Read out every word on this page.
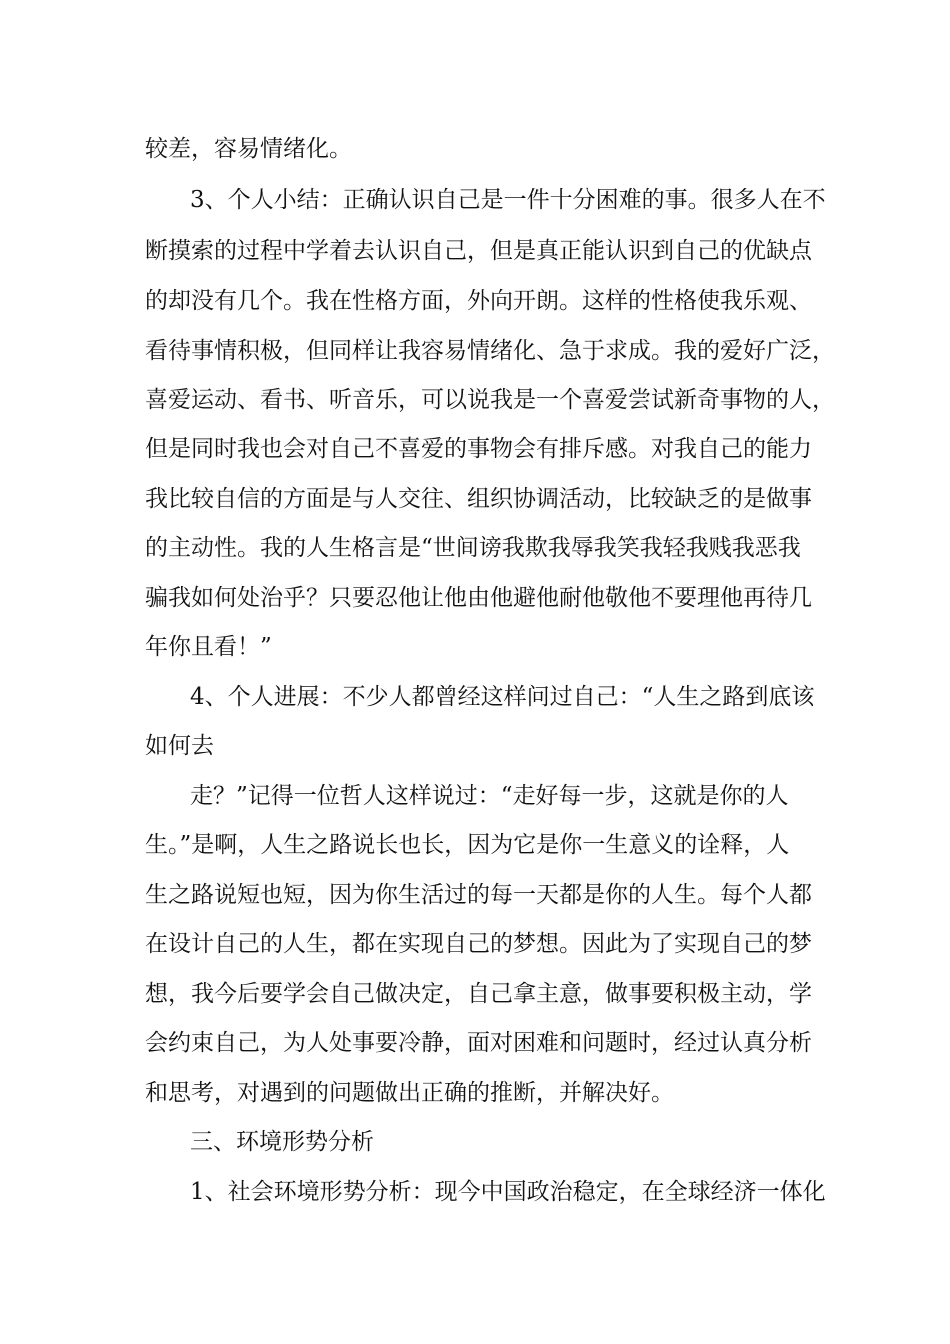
较差，容易情绪化。
3、个人小结：正确认识自己是一件十分困难的事。很多人在不
断摸索的过程中学着去认识自己，但是真正能认识到自己的优缺点
的却没有几个。我在性格方面，外向开朗。这样的性格使我乐观、
看待事情积极，但同样让我容易情绪化、急于求成。我的爱好广泛，
喜爱运动、看书、听音乐，可以说我是一个喜爱尝试新奇事物的人，
但是同时我也会对自己不喜爱的事物会有排斥感。对我自己的能力
我比较自信的方面是与人交往、组织协调活动，比较缺乏的是做事
的主动性。我的人生格言是“世间谤我欺我辱我笑我轻我贱我恶我
骗我如何处治乎？只要忍他让他由他避他耐他敬他不要理他再待几
年你且看！”
4、个人进展：不少人都曾经这样问过自己：“人生之路到底该
如何去
走？”记得一位哲人这样说过：“走好每一步，这就是你的人
生。”是啊，人生之路说长也长，因为它是你一生意义的诠释，人
生之路说短也短，因为你生活过的每一天都是你的人生。每个人都
在设计自己的人生，都在实现自己的梦想。因此为了实现自己的梦
想，我今后要学会自己做决定，自己拿主意，做事要积极主动，学
会约束自己，为人处事要冷静，面对困难和问题时，经过认真分析
和思考，对遇到的问题做出正确的推断，并解决好。
三、环境形势分析
1、社会环境形势分析：现今中国政治稳定，在全球经济一体化
